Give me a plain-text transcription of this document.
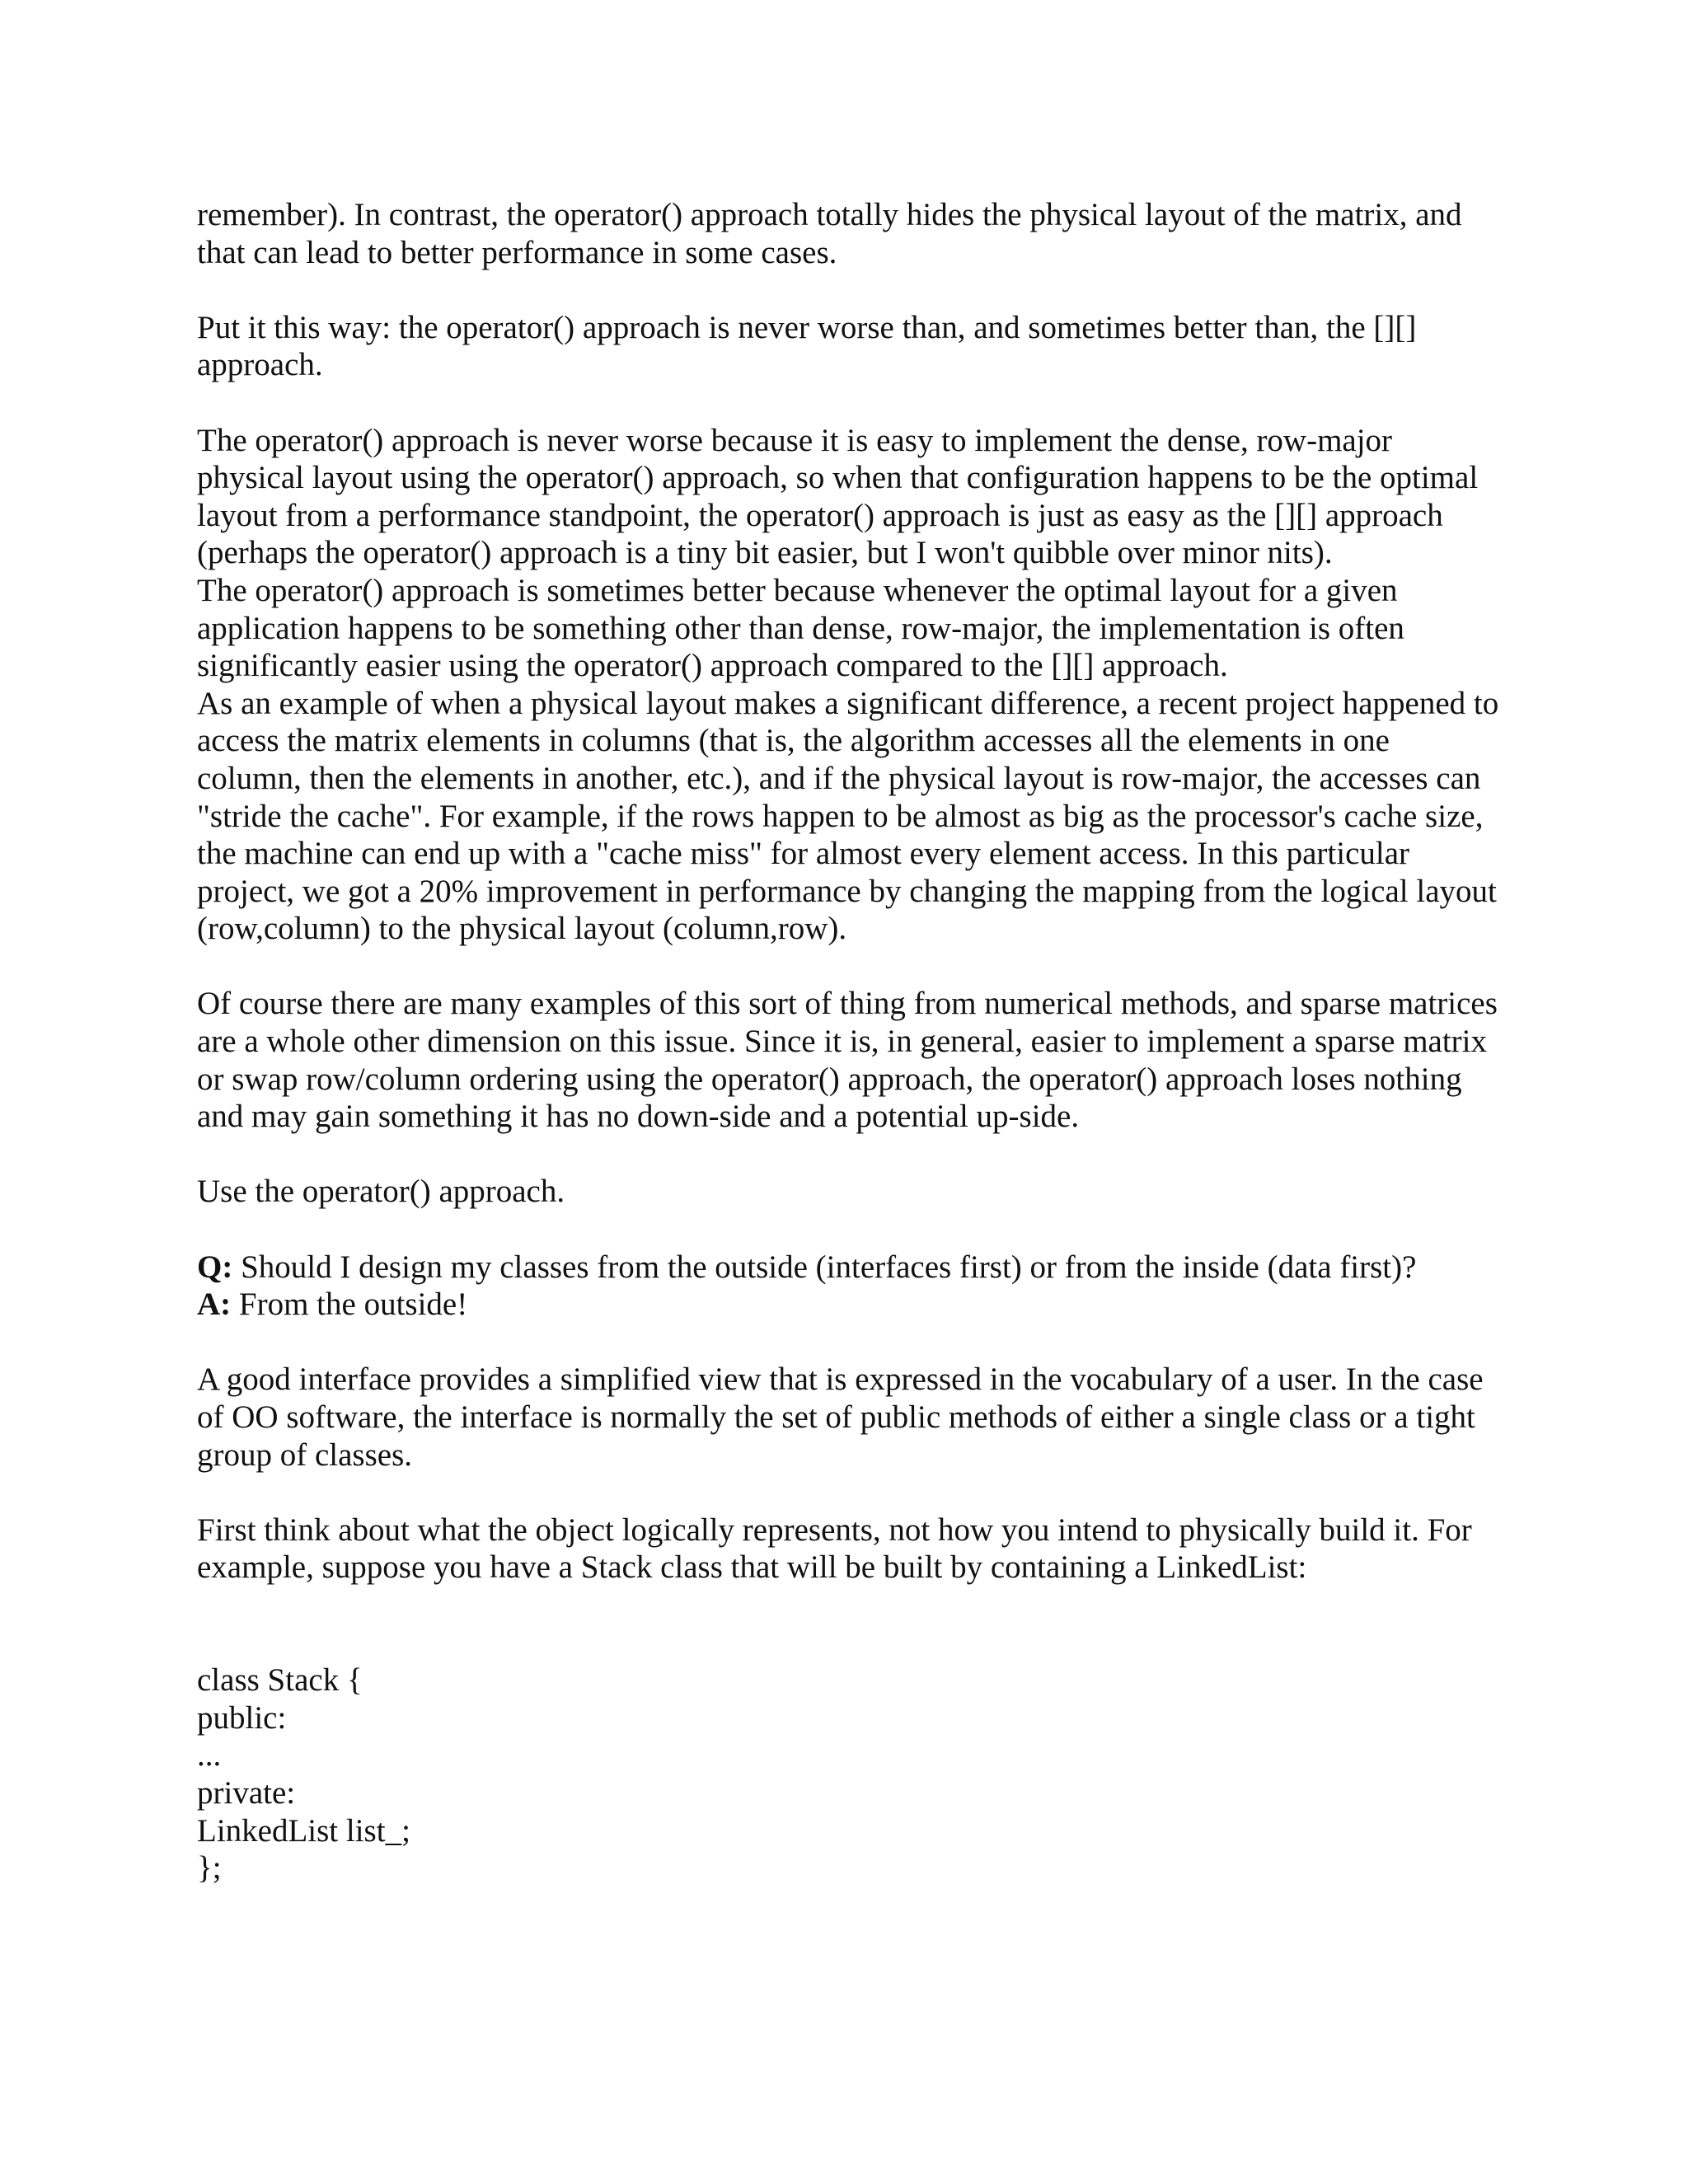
remember). In contrast, the operator() approach totally hides the physical layout of the matrix, and that can lead to better performance in some cases.

Put it this way: the operator() approach is never worse than, and sometimes better than, the [][] approach.

The operator() approach is never worse because it is easy to implement the dense, row-major physical layout using the operator() approach, so when that configuration happens to be the optimal layout from a performance standpoint, the operator() approach is just as easy as the [][] approach (perhaps the operator() approach is a tiny bit easier, but I won't quibble over minor nits).

The operator() approach is sometimes better because whenever the optimal layout for a given application happens to be something other than dense, row-major, the implementation is often significantly easier using the operator() approach compared to the [][] approach.

As an example of when a physical layout makes a significant difference, a recent project happened to access the matrix elements in columns (that is, the algorithm accesses all the elements in one column, then the elements in another, etc.), and if the physical layout is row-major, the accesses can "stride the cache". For example, if the rows happen to be almost as big as the processor's cache size, the machine can end up with a "cache miss" for almost every element access. In this particular project, we got a 20% improvement in performance by changing the mapping from the logical layout (row,column) to the physical layout (column,row).

Of course there are many examples of this sort of thing from numerical methods, and sparse matrices are a whole other dimension on this issue. Since it is, in general, easier to implement a sparse matrix or swap row/column ordering using the operator() approach, the operator() approach loses nothing and may gain something it has no down-side and a potential up-side.

Use the operator() approach.

Q: Should I design my classes from the outside (interfaces first) or from the inside (data first)?

A: From the outside!

A good interface provides a simplified view that is expressed in the vocabulary of a user. In the case of OO software, the interface is normally the set of public methods of either a single class or a tight group of classes.

First think about what the object logically represents, not how you intend to physically build it. For example, suppose you have a Stack class that will be built by containing a LinkedList:

class Stack {

public:

...

private:

LinkedList list_;

};
